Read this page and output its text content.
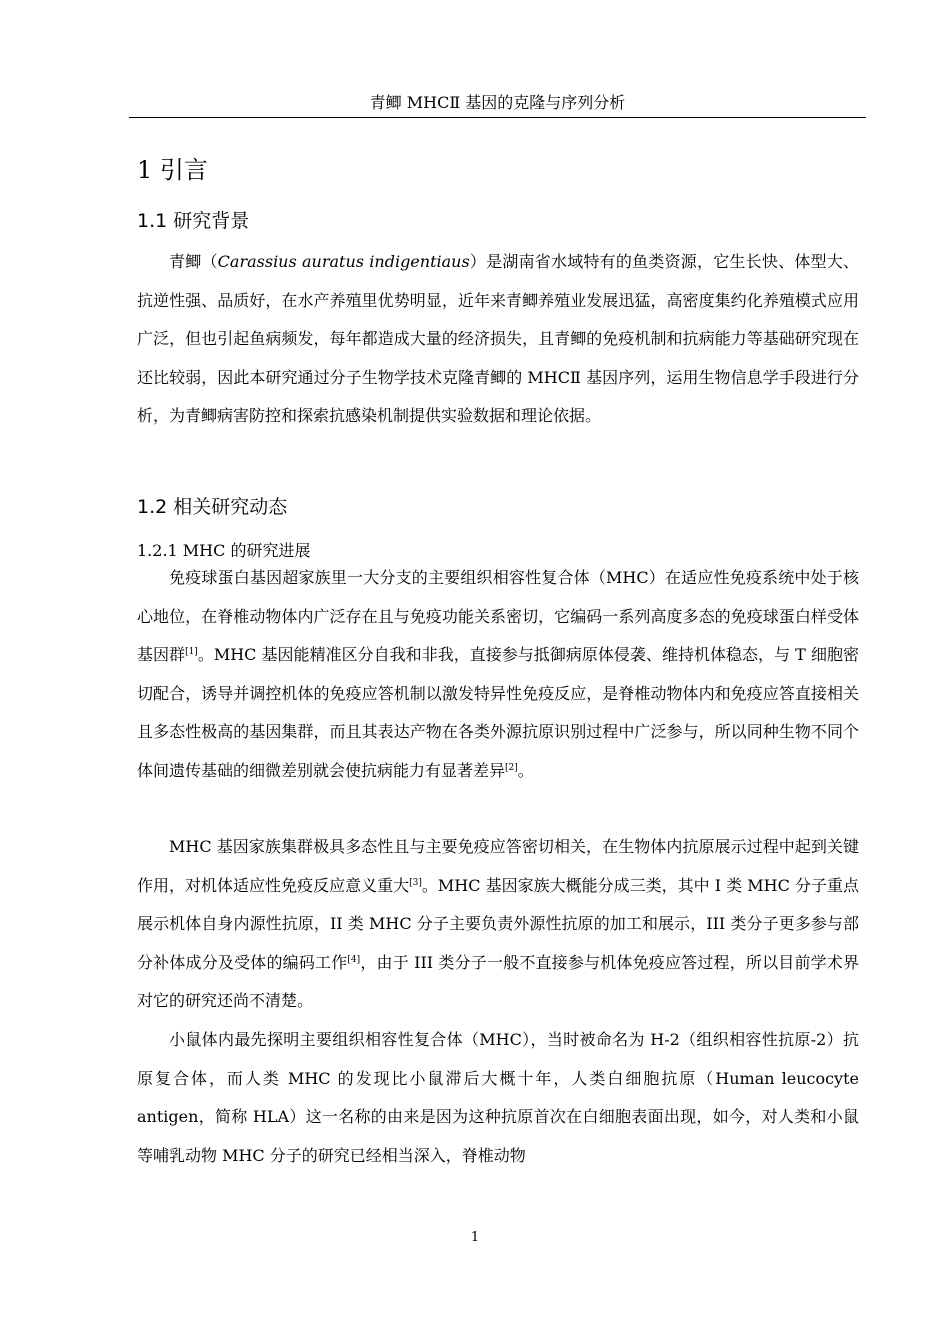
青鲫 MHCⅡ 基因的克隆与序列分析
1 引言
1.1 研究背景

青鲫（Carassius auratus indigentiaus）是湖南省水域特有的鱼类资源，它生长快、体型大、抗逆性强、品质好，在水产养殖里优势明显，近年来青鲫养殖业发展迅猛，高密度集约化养殖模式应用广泛，但也引起鱼病频发，每年都造成大量的经济损失，且青鲫的免疫机制和抗病能力等基础研究现在还比较弱，因此本研究通过分子生物学技术克隆青鲫的 MHCⅡ 基因序列，运用生物信息学手段进行分析，为青鲫病害防控和探索抗感染机制提供实验数据和理论依据。

1.2 相关研究动态
1.2.1 MHC 的研究进展

免疫球蛋白基因超家族里一大分支的主要组织相容性复合体（MHC）在适应性免疫系统中处于核心地位，在脊椎动物体内广泛存在且与免疫功能关系密切，它编码一系列高度多态的免疫球蛋白样受体基因群[1]。MHC 基因能精准区分自我和非我，直接参与抵御病原体侵袭、维持机体稳态，与 T 细胞密切配合，诱导并调控机体的免疫应答机制以激发特异性免疫反应，是脊椎动物体内和免疫应答直接相关且多态性极高的基因集群，而且其表达产物在各类外源抗原识别过程中广泛参与，所以同种生物不同个体间遗传基础的细微差别就会使抗病能力有显著差异[2]。

MHC 基因家族集群极具多态性且与主要免疫应答密切相关，在生物体内抗原展示过程中起到关键作用，对机体适应性免疫反应意义重大[3]。MHC 基因家族大概能分成三类，其中 I 类 MHC 分子重点展示机体自身内源性抗原，II 类 MHC 分子主要负责外源性抗原的加工和展示，III 类分子更多参与部分补体成分及受体的编码工作[4]，由于 III 类分子一般不直接参与机体免疫应答过程，所以目前学术界对它的研究还尚不清楚。

小鼠体内最先探明主要组织相容性复合体（MHC），当时被命名为 H-2（组织相容性抗原-2）抗原复合体，而人类 MHC 的发现比小鼠滞后大概十年，人类白细胞抗原（Human leucocyte antigen，简称 HLA）这一名称的由来是因为这种抗原首次在白细胞表面出现，如今，对人类和小鼠等哺乳动物 MHC 分子的研究已经相当深入，脊椎动物

1
